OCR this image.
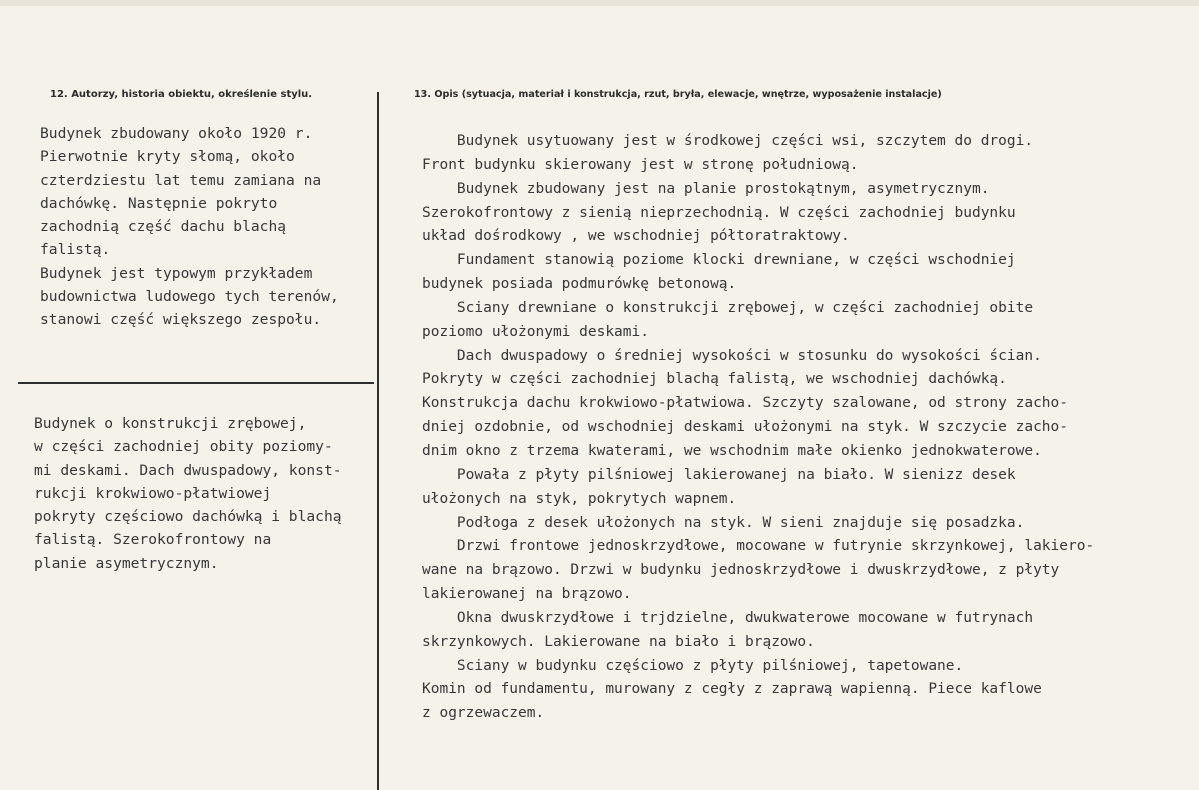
12. Autorzy, historia obiektu, określenie stylu.	13. Opis (sytuacja, materiał i konstrukcja, rzut, bryła, elewacje, wnętrze, wyposażenie instalacje)
Budynek zbudowany około 1920 r.
Pierwotnie kryty słomą, około
czterdziestu lat temu zamiana na
dachówkę. Następnie pokryto
zachodnią część dachu blachą
falistą.
Budynek jest typowym przykładem
budownictwa ludowego tych terenów,
stanowi część większego zespołu.
Budynek o konstrukcji zrębowej,
w części zachodniej obity poziomy-
mi deskami. Dach dwuspadowy, konst-
rukcji krokwiowo-płatwiowej
pokryty częściowo dachówką i blachą
falistą. Szerokofrontowy na
planie asymetrycznym.
Budynek usytuowany jest w środkowej części wsi, szczytem do drogi.
Front budynku skierowany jest w stronę południową.
Budynek zbudowany jest na planie prostokątnym, asymetrycznym.
Szerokofrontowy z sienią nieprzechodnią. W części zachodniej budynku
układ dośrodkowy , we wschodniej półtoratraktowy.
Fundament stanowią poziome klocki drewniane, w części wschodniej
budynek posiada podmurówkę betonową.
Sciany drewniane o konstrukcji zrębowej, w części zachodniej obite
poziomo ułożonymi deskami.
Dach dwuspadowy o średniej wysokości w stosunku do wysokości ścian.
Pokryty w części zachodniej blachą falistą, we wschodniej dachówką.
Konstrukcja dachu krokwiowo-płatwiowa. Szczyty szalowane, od strony zacho-
dniej ozdobnie, od wschodniej deskami ułożonymi na styk. W szczycie zacho-
dnim okno z trzema kwaterami, we wschodnim małe okienko jednokwaterowe.
Powała z płyty pilśniowej lakierowanej na biało. W sienizz desek
ułożonych na styk, pokrytych wapnem.
Podłoga z desek ułożonych na styk. W sieni znajduje się posadzka.
Drzwi frontowe jednoskrzydłowe, mocowane w futrynie skrzynkowej, lakiero-
wane na brązowo. Drzwi w budynku jednoskrzydłowe i dwuskrzydłowe, z płyty
lakierowanej na brązowo.
Okna dwuskrzydłowe i trjdzielne, dwukwaterowe mocowane w futrynach
skrzynkowych. Lakierowane na biało i brązowo.
Sciany w budynku częściowo z płyty pilśniowej, tapetowane.
Komin od fundamentu, murowany z cegły z zaprawą wapienną. Piece kaflowe
z ogrzewaczem.
